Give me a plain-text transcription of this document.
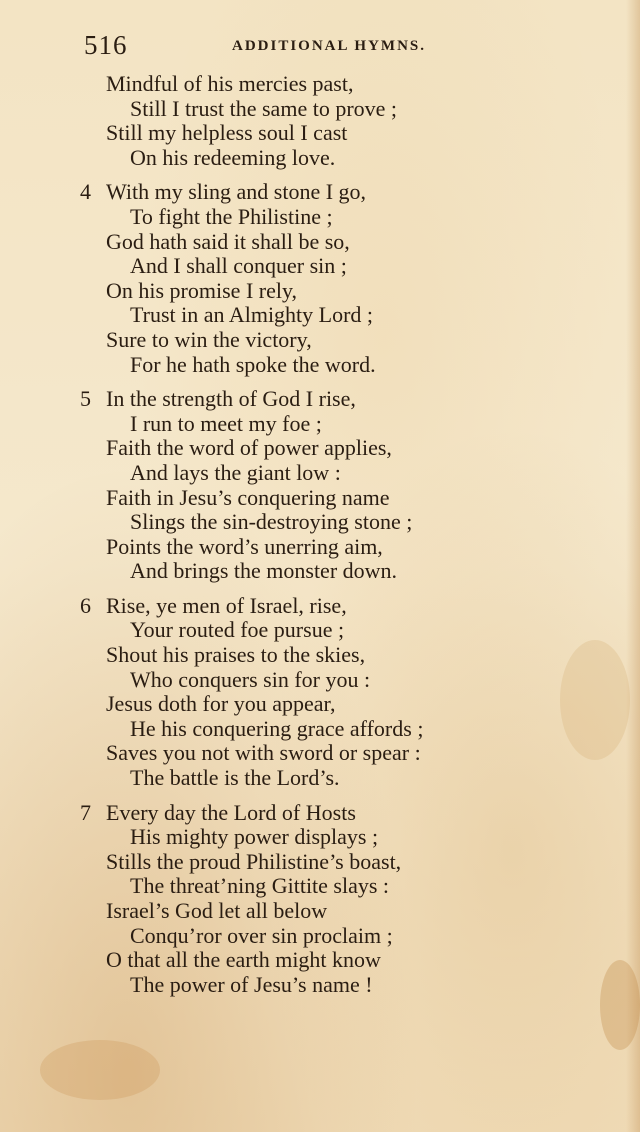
516	ADDITIONAL HYMNS.
Mindful of his mercies past,
Still I trust the same to prove ;
Still my helpless soul I cast
On his redeeming love.
4 With my sling and stone I go,
To fight the Philistine ;
God hath said it shall be so,
And I shall conquer sin ;
On his promise I rely,
Trust in an Almighty Lord ;
Sure to win the victory,
For he hath spoke the word.
5 In the strength of God I rise,
I run to meet my foe ;
Faith the word of power applies,
And lays the giant low :
Faith in Jesu’s conquering name
Slings the sin-destroying stone ;
Points the word’s unerring aim,
And brings the monster down.
6 Rise, ye men of Israel, rise,
Your routed foe pursue ;
Shout his praises to the skies,
Who conquers sin for you :
Jesus doth for you appear,
He his conquering grace affords ;
Saves you not with sword or spear :
The battle is the Lord’s.
7 Every day the Lord of Hosts
His mighty power displays ;
Stills the proud Philistine’s boast,
The threat’ning Gittite slays :
Israel’s God let all below
Conqu’ror over sin proclaim ;
O that all the earth might know
The power of Jesu’s name !
